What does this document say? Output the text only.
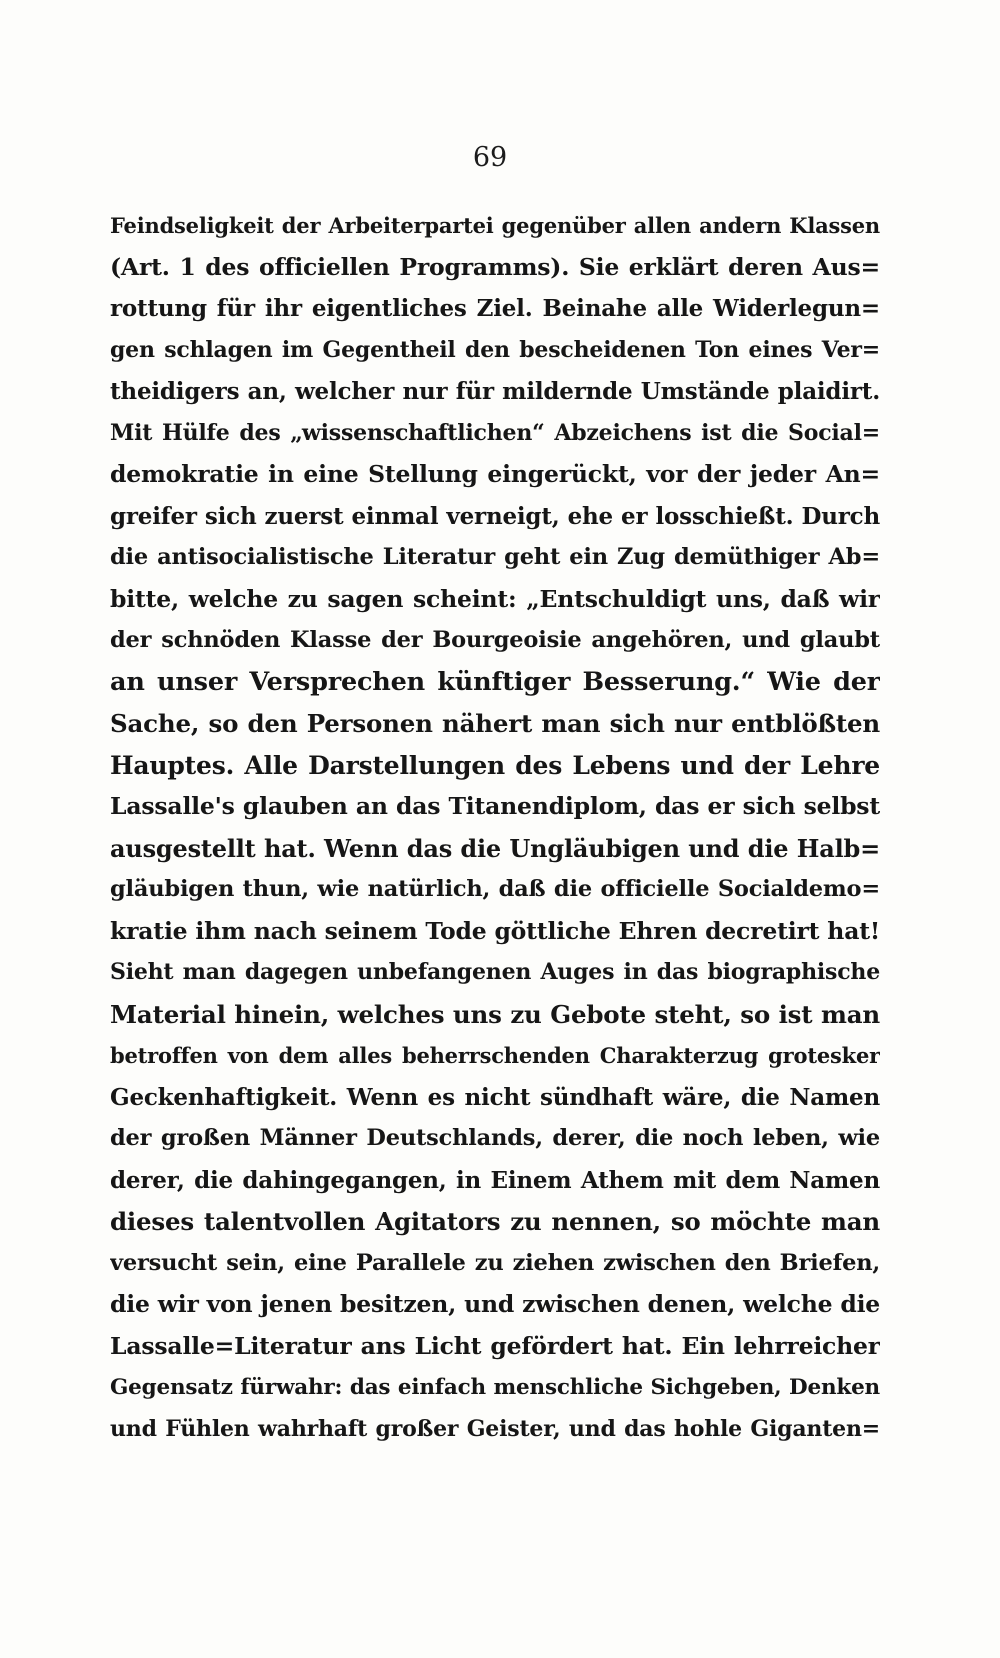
69
Feindseligkeit der Arbeiterpartei gegenüber allen andern Klassen
(Art. 1 des officiellen Programms). Sie erklärt deren Aus=
rottung für ihr eigentliches Ziel. Beinahe alle Widerlegun=
gen schlagen im Gegentheil den bescheidenen Ton eines Ver=
theidigers an, welcher nur für mildernde Umstände plaidirt.
Mit Hülfe des „wissenschaftlichen“ Abzeichens ist die Social=
demokratie in eine Stellung eingerückt, vor der jeder An=
greifer sich zuerst einmal verneigt, ehe er losschießt. Durch
die antisocialistische Literatur geht ein Zug demüthiger Ab=
bitte, welche zu sagen scheint: „Entschuldigt uns, daß wir
der schnöden Klasse der Bourgeoisie angehören, und glaubt
an unser Versprechen künftiger Besserung.“ Wie der
Sache, so den Personen nähert man sich nur entblößten
Hauptes. Alle Darstellungen des Lebens und der Lehre
Lassalle's glauben an das Titanendiplom, das er sich selbst
ausgestellt hat. Wenn das die Ungläubigen und die Halb=
gläubigen thun, wie natürlich, daß die officielle Socialdemo=
kratie ihm nach seinem Tode göttliche Ehren decretirt hat!
Sieht man dagegen unbefangenen Auges in das biographische
Material hinein, welches uns zu Gebote steht, so ist man
betroffen von dem alles beherrschenden Charakterzug grotesker
Geckenhaftigkeit. Wenn es nicht sündhaft wäre, die Namen
der großen Männer Deutschlands, derer, die noch leben, wie
derer, die dahingegangen, in Einem Athem mit dem Namen
dieses talentvollen Agitators zu nennen, so möchte man
versucht sein, eine Parallele zu ziehen zwischen den Briefen,
die wir von jenen besitzen, und zwischen denen, welche die
Lassalle=Literatur ans Licht gefördert hat. Ein lehrreicher
Gegensatz fürwahr: das einfach menschliche Sichgeben, Denken
und Fühlen wahrhaft großer Geister, und das hohle Giganten=
